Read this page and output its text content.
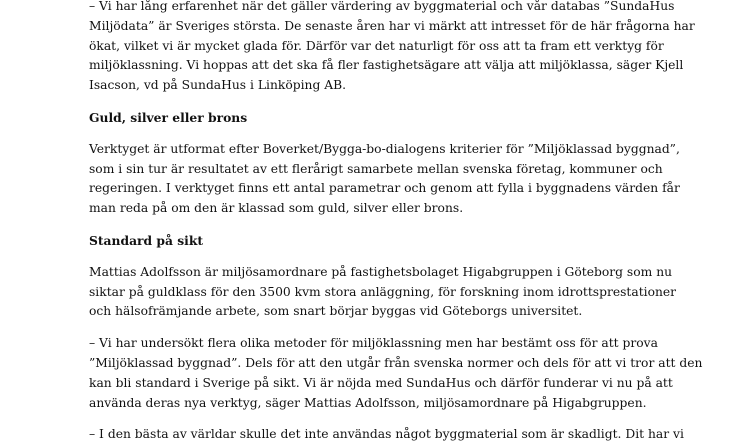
– Vi har lång erfarenhet när det gäller värdering av byggmaterial och vår databas ”SundaHus
Miljödata” är Sveriges största. De senaste åren har vi märkt att intresset för de här frågorna har
ökat, vilket vi är mycket glada för. Därför var det naturligt för oss att ta fram ett verktyg för
miljöklassning. Vi hoppas att det ska få fler fastighetsägare att välja att miljöklassa, säger Kjell
Isacson, vd på SundaHus i Linköping AB.
Guld, silver eller brons
Verktyget är utformat efter Boverket/Bygga-bo-dialogens kriterier för ”Miljöklassad byggnad”,
som i sin tur är resultatet av ett flerårigt samarbete mellan svenska företag, kommuner och
regeringen. I verktyget finns ett antal parametrar och genom att fylla i byggnadens värden får
man reda på om den är klassad som guld, silver eller brons.
Standard på sikt
Mattias Adolfsson är miljösamordnare på fastighetsbolaget Higabgruppen i Göteborg som nu
siktar på guldklass för den 3500 kvm stora anläggning, för forskning inom idrottsprestationer
och hälsofrämjande arbete, som snart börjar byggas vid Göteborgs universitet.
– Vi har undersökt flera olika metoder för miljöklassning men har bestämt oss för att prova
”Miljöklassad byggnad”. Dels för att den utgår från svenska normer och dels för att vi tror att den
kan bli standard i Sverige på sikt. Vi är nöjda med SundaHus och därför funderar vi nu på att
använda deras nya verktyg, säger Mattias Adolfsson, miljösamordnare på Higabgruppen.
– I den bästa av världar skulle det inte användas något byggmaterial som är skadligt. Dit har vi
